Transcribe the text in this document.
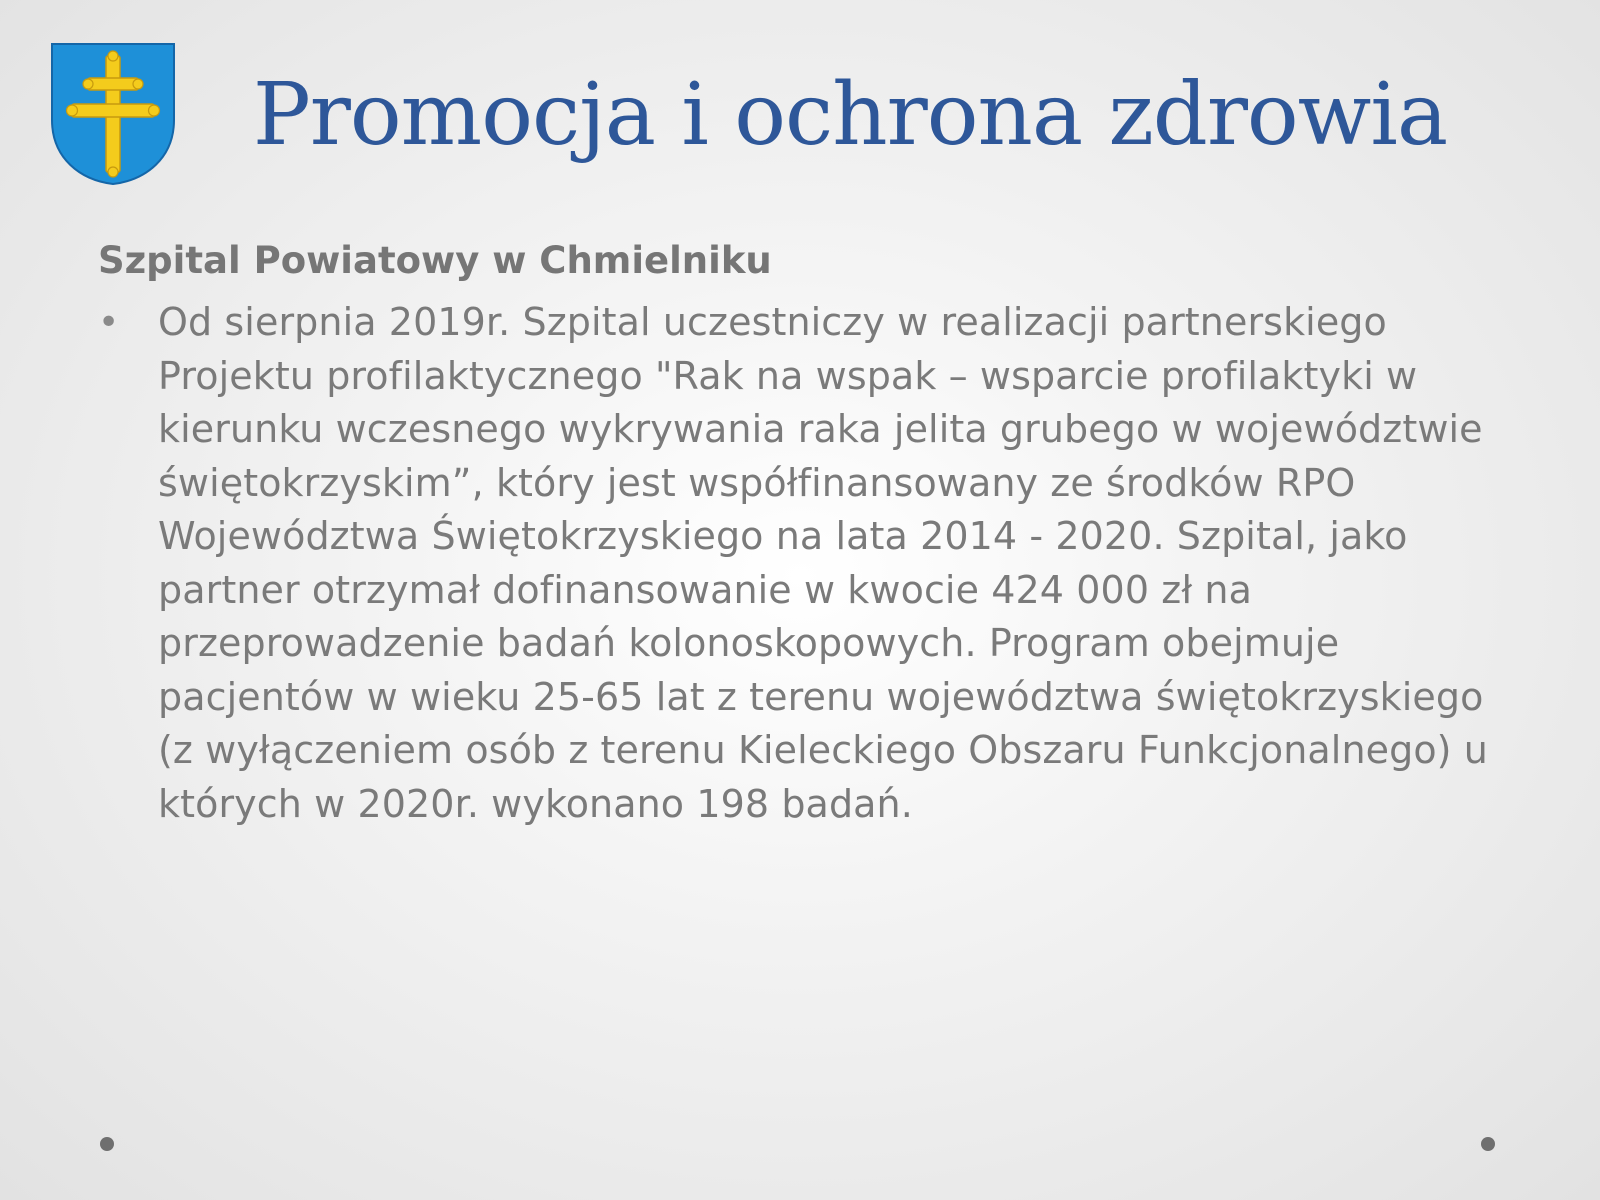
Promocja i ochrona zdrowia
Szpital Powiatowy w Chmielniku
• Od sierpnia 2019r. Szpital uczestniczy w realizacji partnerskiego Projektu profilaktycznego "Rak na wspak – wsparcie profilaktyki w kierunku wczesnego wykrywania raka jelita grubego w województwie świętokrzyskim”, który jest współfinansowany ze środków RPO Województwa Świętokrzyskiego na lata 2014 - 2020. Szpital, jako partner otrzymał dofinansowanie w kwocie 424 000 zł na przeprowadzenie badań kolonoskopowych. Program obejmuje pacjentów w wieku 25-65 lat z terenu województwa świętokrzyskiego (z wyłączeniem osób z terenu Kieleckiego Obszaru Funkcjonalnego) u których w 2020r. wykonano 198 badań.
